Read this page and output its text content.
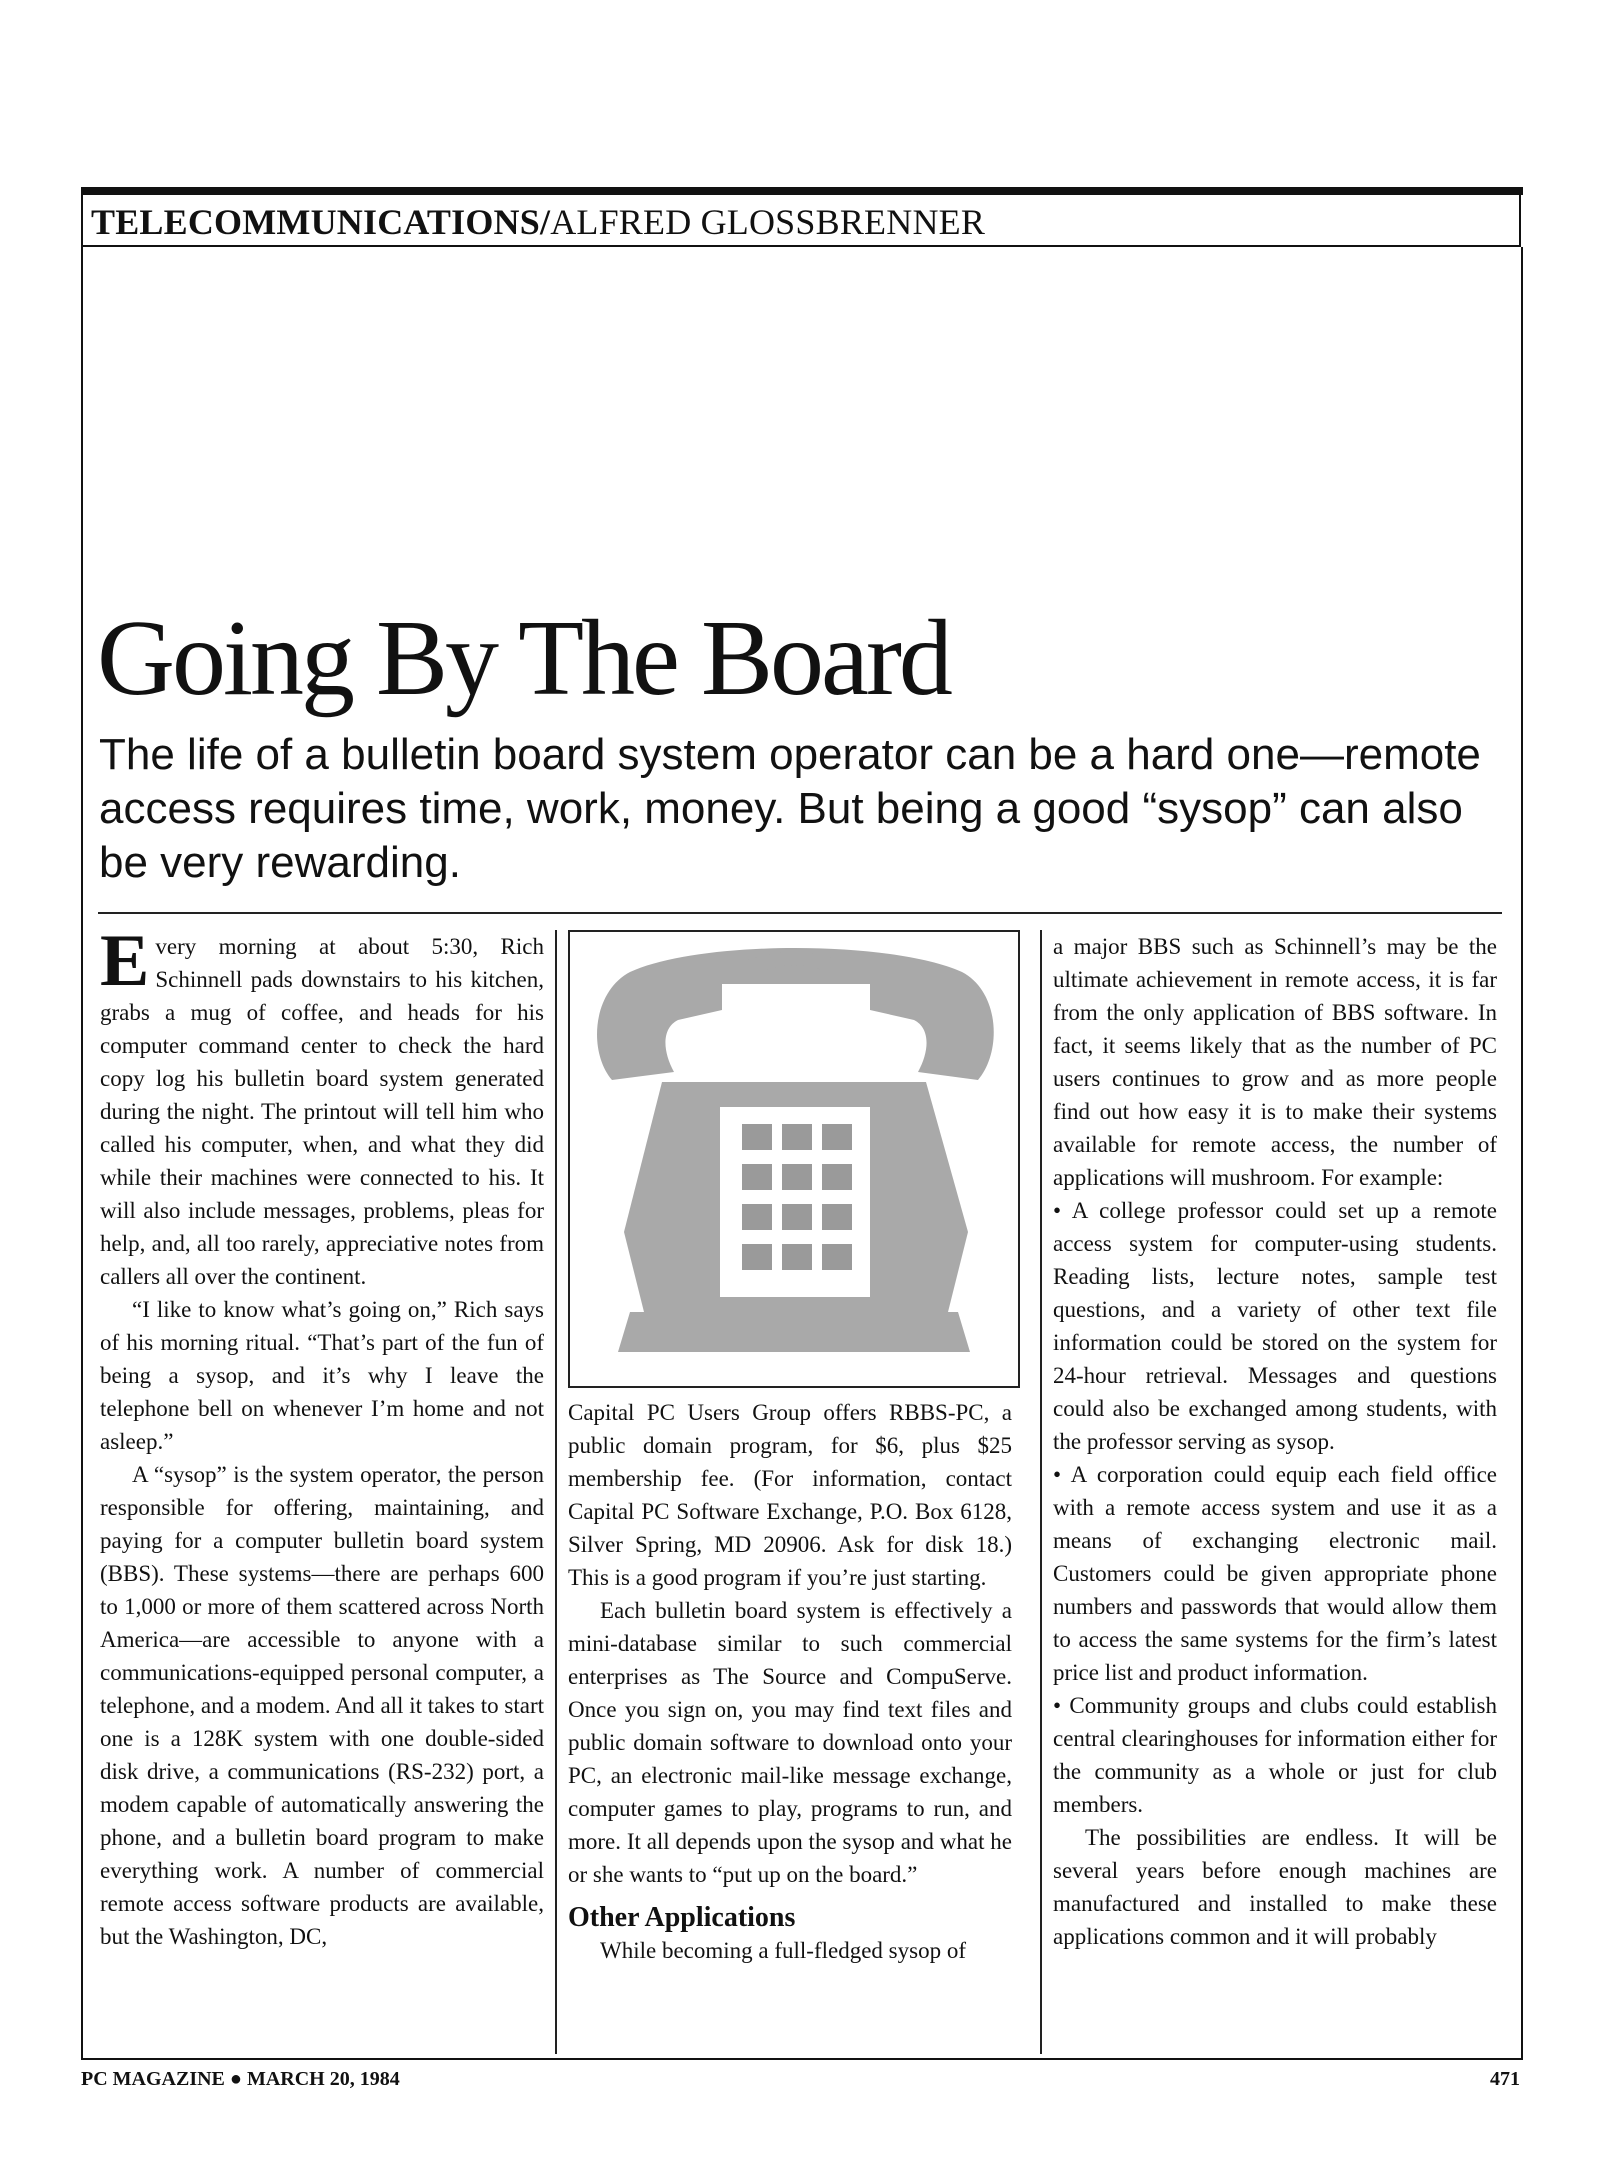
TELECOMMUNICATIONS/ALFRED GLOSSBRENNER
Going By The Board
The life of a bulletin board system operator can be a hard one—remote access requires time, work, money. But being a good “sysop” can also be very rewarding.

Every morning at about 5:30, Rich Schinnell pads downstairs to his kitchen, grabs a mug of coffee, and heads for his computer command center to check the hard copy log his bulletin board system generated during the night. The printout will tell him who called his computer, when, and what they did while their machines were connected to his. It will also include messages, problems, pleas for help, and, all too rarely, appreciative notes from callers all over the continent.

“I like to know what’s going on,” Rich says of his morning ritual. “That’s part of the fun of being a sysop, and it’s why I leave the telephone bell on whenever I’m home and not asleep.”

A “sysop” is the system operator, the person responsible for offering, maintaining, and paying for a computer bulletin board system (BBS). These systems—there are perhaps 600 to 1,000 or more of them scattered across North America—are accessible to anyone with a communications-equipped personal computer, a telephone, and a modem. And all it takes to start one is a 128K system with one double-sided disk drive, a communications (RS-232) port, a modem capable of automatically answering the phone, and a bulletin board program to make everything work. A number of commercial remote access software products are available, but the Washington, DC,

Capital PC Users Group offers RBBS-PC, a public domain program, for $6, plus $25 membership fee. (For information, contact Capital PC Software Exchange, P.O. Box 6128, Silver Spring, MD 20906. Ask for disk 18.) This is a good program if you’re just starting.

Each bulletin board system is effectively a mini-database similar to such commercial enterprises as The Source and CompuServe. Once you sign on, you may find text files and public domain software to download onto your PC, an electronic mail-like message exchange, computer games to play, programs to run, and more. It all depends upon the sysop and what he or she wants to “put up on the board.”

Other Applications

While becoming a full-fledged sysop of

a major BBS such as Schinnell’s may be the ultimate achievement in remote access, it is far from the only application of BBS software. In fact, it seems likely that as the number of PC users continues to grow and as more people find out how easy it is to make their systems available for remote access, the number of applications will mushroom. For example:

• A college professor could set up a remote access system for computer-using students. Reading lists, lecture notes, sample test questions, and a variety of other text file information could be stored on the system for 24-hour retrieval. Messages and questions could also be exchanged among students, with the professor serving as sysop.

• A corporation could equip each field office with a remote access system and use it as a means of exchanging electronic mail. Customers could be given appropriate phone numbers and passwords that would allow them to access the same systems for the firm’s latest price list and product information.

• Community groups and clubs could establish central clearinghouses for information either for the community as a whole or just for club members.

The possibilities are endless. It will be several years before enough machines are manufactured and installed to make these applications common and it will probably

PC MAGAZINE ● MARCH 20, 1984	471
